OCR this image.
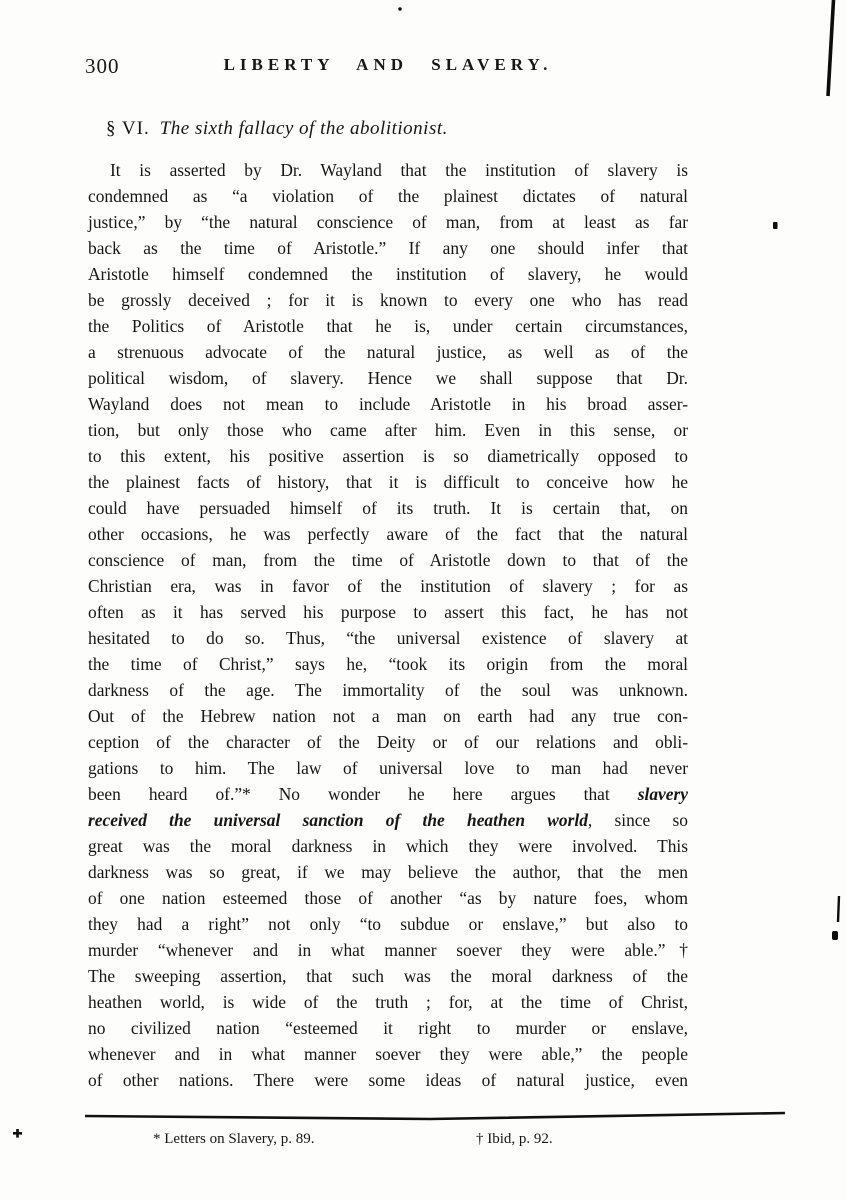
300	LIBERTY AND SLAVERY.
§ VI. The sixth fallacy of the abolitionist.
It is asserted by Dr. Wayland that the institution of slavery is
condemned as “a violation of the plainest dictates of natural
justice,” by “the natural conscience of man, from at least as far
back as the time of Aristotle.” If any one should infer that
Aristotle himself condemned the institution of slavery, he would
be grossly deceived ; for it is known to every one who has read
the Politics of Aristotle that he is, under certain circumstances,
a strenuous advocate of the natural justice, as well as of the
political wisdom, of slavery. Hence we shall suppose that Dr.
Wayland does not mean to include Aristotle in his broad asser-
tion, but only those who came after him. Even in this sense, or
to this extent, his positive assertion is so diametrically opposed to
the plainest facts of history, that it is difficult to conceive how he
could have persuaded himself of its truth. It is certain that, on
other occasions, he was perfectly aware of the fact that the natural
conscience of man, from the time of Aristotle down to that of the
Christian era, was in favor of the institution of slavery ; for as
often as it has served his purpose to assert this fact, he has not
hesitated to do so. Thus, “the universal existence of slavery at
the time of Christ,” says he, “took its origin from the moral
darkness of the age. The immortality of the soul was unknown.
Out of the Hebrew nation not a man on earth had any true con-
ception of the character of the Deity or of our relations and obli-
gations to him. The law of universal love to man had never
been heard of.”* No wonder he here argues that slavery
received the universal sanction of the heathen world, since so
great was the moral darkness in which they were involved. This
darkness was so great, if we may believe the author, that the men
of one nation esteemed those of another “as by nature foes, whom
they had a right” not only “to subdue or enslave,” but also to
murder “whenever and in what manner soever they were able.”†
The sweeping assertion, that such was the moral darkness of the
heathen world, is wide of the truth ; for, at the time of Christ,
no civilized nation “esteemed it right to murder or enslave,
whenever and in what manner soever they were able,” the people
of other nations. There were some ideas of natural justice, even
* Letters on Slavery, p. 89.	† Ibid, p. 92.
